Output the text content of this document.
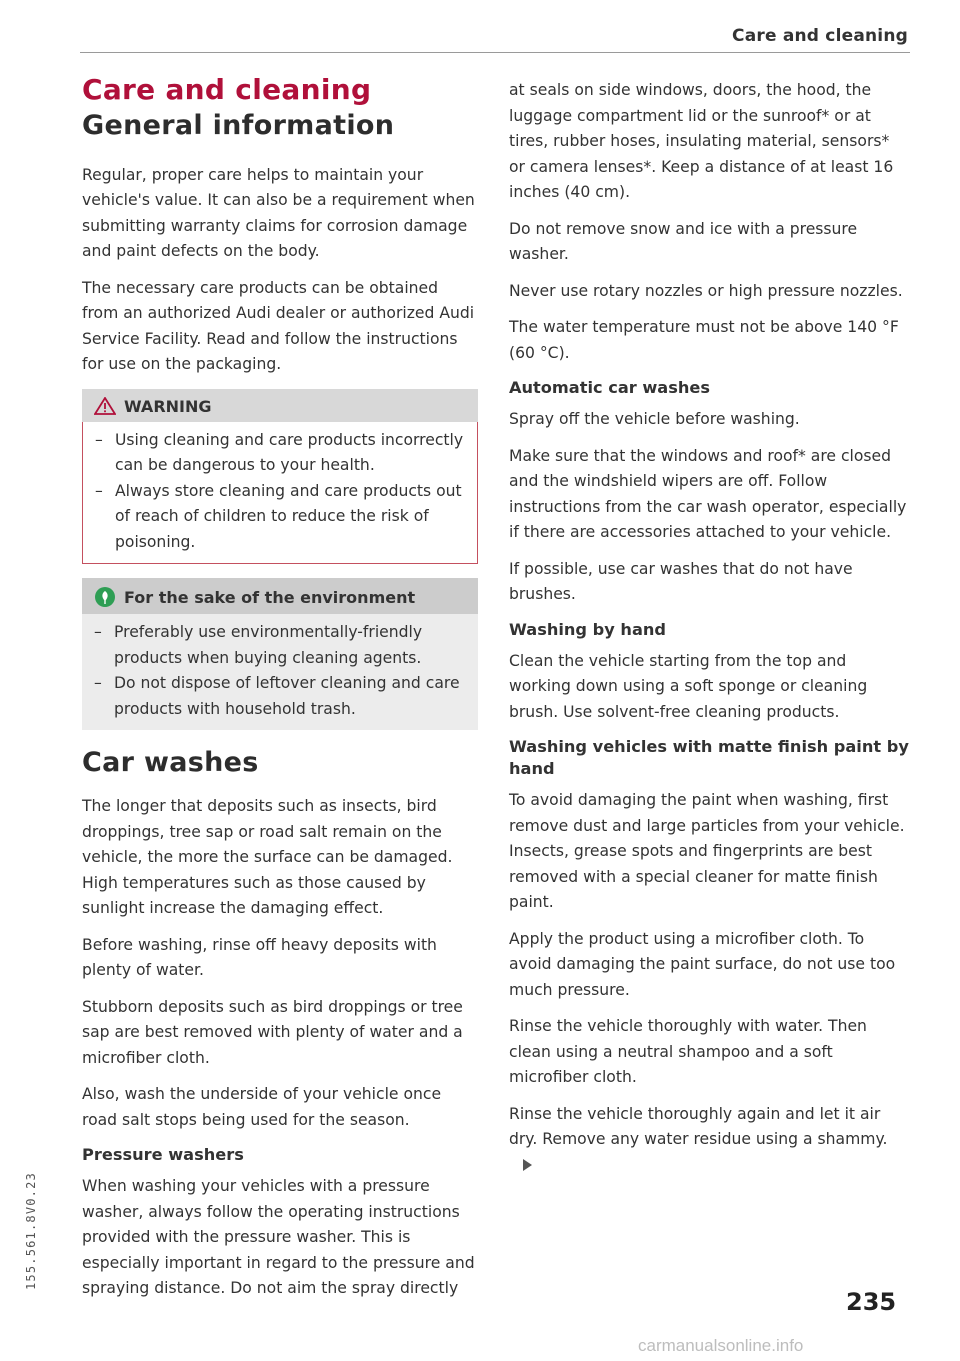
Care and cleaning
Care and cleaning
General information

Regular, proper care helps to maintain your vehicle's value. It can also be a requirement when submitting warranty claims for corrosion damage and paint defects on the body.

The necessary care products can be obtained from an authorized Audi dealer or authorized Audi Service Facility. Read and follow the instructions for use on the packaging.

WARNING
– Using cleaning and care products incorrectly can be dangerous to your health.
– Always store cleaning and care products out of reach of children to reduce the risk of poisoning.
For the sake of the environment
– Preferably use environmentally-friendly products when buying cleaning agents.
– Do not dispose of leftover cleaning and care products with household trash.
Car washes

The longer that deposits such as insects, bird droppings, tree sap or road salt remain on the vehicle, the more the surface can be damaged. High temperatures such as those caused by sunlight increase the damaging effect.

Before washing, rinse off heavy deposits with plenty of water.

Stubborn deposits such as bird droppings or tree sap are best removed with plenty of water and a microfiber cloth.

Also, wash the underside of your vehicle once road salt stops being used for the season.

Pressure washers

When washing your vehicles with a pressure washer, always follow the operating instructions provided with the pressure washer. This is especially important in regard to the pressure and spraying distance. Do not aim the spray directly

at seals on side windows, doors, the hood, the luggage compartment lid or the sunroof* or at tires, rubber hoses, insulating material, sensors* or camera lenses*. Keep a distance of at least 16 inches (40 cm).

Do not remove snow and ice with a pressure washer.

Never use rotary nozzles or high pressure nozzles.

The water temperature must not be above 140 °F (60 °C).

Automatic car washes

Spray off the vehicle before washing.

Make sure that the windows and roof* are closed and the windshield wipers are off. Follow instructions from the car wash operator, especially if there are accessories attached to your vehicle.

If possible, use car washes that do not have brushes.

Washing by hand

Clean the vehicle starting from the top and working down using a soft sponge or cleaning brush. Use solvent-free cleaning products.

Washing vehicles with matte finish paint by hand

To avoid damaging the paint when washing, first remove dust and large particles from your vehicle. Insects, grease spots and fingerprints are best removed with a special cleaner for matte finish paint.

Apply the product using a microfiber cloth. To avoid damaging the paint surface, do not use too much pressure.

Rinse the vehicle thoroughly with water. Then clean using a neutral shampoo and a soft microfiber cloth.

Rinse the vehicle thoroughly again and let it air dry. Remove any water residue using a shammy.

235
155.561.8V0.23
carmanualsonline.info
